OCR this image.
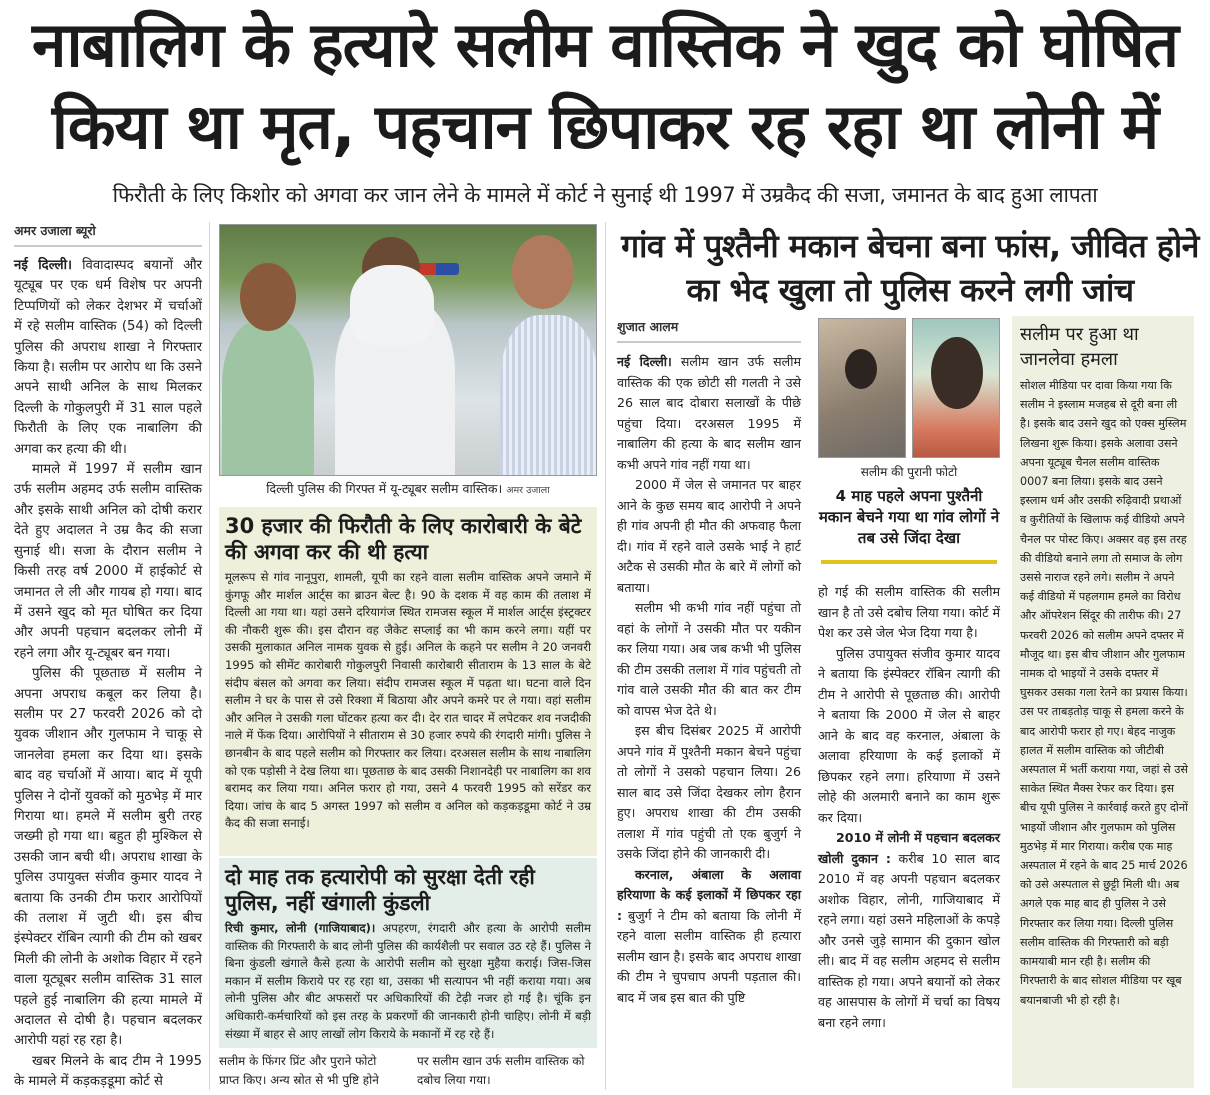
नाबालिग के हत्यारे सलीम वास्तिक ने खुद को घोषित
किया था मृत, पहचान छिपाकर रह रहा था लोनी में
फिरौती के लिए किशोर को अगवा कर जान लेने के मामले में कोर्ट ने सुनाई थी 1997 में उम्रकैद की सजा, जमानत के बाद हुआ लापता
अमर उजाला ब्यूरो

नई दिल्ली। विवादास्पद बयानों और यूट्यूब पर एक धर्म विशेष पर अपनी टिप्पणियों को लेकर देशभर में चर्चाओं में रहे सलीम वास्तिक (54) को दिल्ली पुलिस की अपराध शाखा ने गिरफ्तार किया है। सलीम पर आरोप था कि उसने अपने साथी अनिल के साथ मिलकर दिल्ली के गोकुलपुरी में 31 साल पहले फिरौती के लिए एक नाबालिग की अगवा कर हत्या की थी।

मामले में 1997 में सलीम खान उर्फ सलीम अहमद उर्फ सलीम वास्तिक और इसके साथी अनिल को दोषी करार देते हुए अदालत ने उम्र कैद की सजा सुनाई थी। सजा के दौरान सलीम ने किसी तरह वर्ष 2000 में हाईकोर्ट से जमानत ले ली और गायब हो गया। बाद में उसने खुद को मृत घोषित कर दिया और अपनी पहचान बदलकर लोनी में रहने लगा और यू-ट्यूबर बन गया।

पुलिस की पूछताछ में सलीम ने अपना अपराध कबूल कर लिया है। सलीम पर 27 फरवरी 2026 को दो युवक जीशान और गुलफाम ने चाकू से जानलेवा हमला कर दिया था। इसके बाद वह चर्चाओं में आया। बाद में यूपी पुलिस ने दोनों युवकों को मुठभेड़ में मार गिराया था। हमले में सलीम बुरी तरह जख्मी हो गया था। बहुत ही मुश्किल से उसकी जान बची थी। अपराध शाखा के पुलिस उपायुक्त संजीव कुमार यादव ने बताया कि उनकी टीम फरार आरोपियों की तलाश में जुटी थी। इस बीच इंस्पेक्टर रॉबिन त्यागी की टीम को खबर मिली की लोनी के अशोक विहार में रहने वाला यूट्यूबर सलीम वास्तिक 31 साल पहले हुई नाबालिग की हत्या मामले में अदालत से दोषी है। पहचान बदलकर आरोपी यहां रह रहा है।

खबर मिलने के बाद टीम ने 1995 के मामले में कड़कड़डूमा कोर्ट से

दिल्ली पुलिस की गिरफ्त में यू-ट्यूबर सलीम वास्तिक। अमर उजाला
30 हजार की फिरौती के लिए कारोबारी के बेटे की अगवा कर की थी हत्या
मूलरूप से गांव नानूपुरा, शामली, यूपी का रहने वाला सलीम वास्तिक अपने जमाने में कुंगफू और मार्शल आर्ट्स का ब्राउन बेल्ट है। 90 के दशक में वह काम की तलाश में दिल्ली आ गया था। यहां उसने दरियागंज स्थित रामजस स्कूल में मार्शल आर्ट्स इंस्ट्रक्टर की नौकरी शुरू की। इस दौरान वह जैकेट सप्लाई का भी काम करने लगा। यहीं पर उसकी मुलाकात अनिल नामक युवक से हुई। अनिल के कहने पर सलीम ने 20 जनवरी 1995 को सीमेंट कारोबारी गोकुलपुरी निवासी कारोबारी सीताराम के 13 साल के बेटे संदीप बंसल को अगवा कर लिया। संदीप रामजस स्कूल में पढ़ता था। घटना वाले दिन सलीम ने घर के पास से उसे रिक्शा में बिठाया और अपने कमरे पर ले गया। वहां सलीम और अनिल ने उसकी गला घोंटकर हत्या कर दी। देर रात चादर में लपेटकर शव नजदीकी नाले में फेंक दिया। आरोपियों ने सीताराम से 30 हजार रुपये की रंगदारी मांगी। पुलिस ने छानबीन के बाद पहले सलीम को गिरफ्तार कर लिया। दरअसल सलीम के साथ नाबालिग को एक पड़ोसी ने देख लिया था। पूछताछ के बाद उसकी निशानदेही पर नाबालिग का शव बरामद कर लिया गया। अनिल फरार हो गया, उसने 4 फरवरी 1995 को सरेंडर कर दिया। जांच के बाद 5 अगस्त 1997 को सलीम व अनिल को कड़कड़डूमा कोर्ट ने उम्र कैद की सजा सनाई।
दो माह तक हत्यारोपी को सुरक्षा देती रही पुलिस, नहीं खंगाली कुंडली
रिची कुमार, लोनी (गाजियाबाद)। अपहरण, रंगदारी और हत्या के आरोपी सलीम वास्तिक की गिरफ्तारी के बाद लोनी पुलिस की कार्यशैली पर सवाल उठ रहे हैं। पुलिस ने बिना कुंडली खंगाले कैसे हत्या के आरोपी सलीम को सुरक्षा मुहैया कराई। जिस-जिस मकान में सलीम किराये पर रह रहा था, उसका भी सत्यापन भी नहीं कराया गया। अब लोनी पुलिस और बीट अफसरों पर अधिकारियों की टेढ़ी नजर हो गई है। चूंकि इन अधिकारी-कर्मचारियों को इस तरह के प्रकरणों की जानकारी होनी चाहिए। लोनी में बड़ी संख्या में बाहर से आए लाखों लोग किराये के मकानों में रह रहे हैं।
सलीम के फिंगर प्रिंट और पुराने फोटो प्राप्त किए। अन्य स्रोत से भी पुष्टि होने
पर सलीम खान उर्फ सलीम वास्तिक को दबोच लिया गया।
गांव में पुश्तैनी मकान बेचना बना फांस, जीवित होने का भेद खुला तो पुलिस करने लगी जांच
शुजात आलम

नई दिल्ली। सलीम खान उर्फ सलीम वास्तिक की एक छोटी सी गलती ने उसे 26 साल बाद दोबारा सलाखों के पीछे पहुंचा दिया। दरअसल 1995 में नाबालिग की हत्या के बाद सलीम खान कभी अपने गांव नहीं गया था।

2000 में जेल से जमानत पर बाहर आने के कुछ समय बाद आरोपी ने अपने ही गांव अपनी ही मौत की अफवाह फैला दी। गांव में रहने वाले उसके भाई ने हार्ट अटैक से उसकी मौत के बारे में लोगों को बताया।

सलीम भी कभी गांव नहीं पहुंचा तो वहां के लोगों ने उसकी मौत पर यकीन कर लिया गया। अब जब कभी भी पुलिस की टीम उसकी तलाश में गांव पहुंचती तो गांव वाले उसकी मौत की बात कर टीम को वापस भेज देते थे।

इस बीच दिसंबर 2025 में आरोपी अपने गांव में पुश्तैनी मकान बेचने पहुंचा तो लोगों ने उसको पहचान लिया। 26 साल बाद उसे जिंदा देखकर लोग हैरान हुए। अपराध शाखा की टीम उसकी तलाश में गांव पहुंची तो एक बुजुर्ग ने उसके जिंदा होने की जानकारी दी।

करनाल, अंबाला के अलावा हरियाणा के कई इलाकों में छिपकर रहा : बुजुर्ग ने टीम को बताया कि लोनी में रहने वाला सलीम वास्तिक ही हत्यारा सलीम खान है। इसके बाद अपराध शाखा की टीम ने चुपचाप अपनी पड़ताल की। बाद में जब इस बात की पुष्टि

सलीम की पुरानी फोटो
4 माह पहले अपना पुश्तैनी मकान बेचने गया था गांव लोगों ने तब उसे जिंदा देखा

हो गई की सलीम वास्तिक की सलीम खान है तो उसे दबोच लिया गया। कोर्ट में पेश कर उसे जेल भेज दिया गया है।

पुलिस उपायुक्त संजीव कुमार यादव ने बताया कि इंस्पेक्टर रॉबिन त्यागी की टीम ने आरोपी से पूछताछ की। आरोपी ने बताया कि 2000 में जेल से बाहर आने के बाद वह करनाल, अंबाला के अलावा हरियाणा के कई इलाकों में छिपकर रहने लगा। हरियाणा में उसने लोहे की अलमारी बनाने का काम शुरू कर दिया।

2010 में लोनी में पहचान बदलकर खोली दुकान : करीब 10 साल बाद 2010 में वह अपनी पहचान बदलकर अशोक विहार, लोनी, गाजियाबाद में रहने लगा। यहां उसने महिलाओं के कपड़े और उनसे जुड़े सामान की दुकान खोल ली। बाद में वह सलीम अहमद से सलीम वास्तिक हो गया। अपने बयानों को लेकर वह आसपास के लोगों में चर्चा का विषय बना रहने लगा।

सलीम पर हुआ था जानलेवा हमला
सोशल मीडिया पर दावा किया गया कि सलीम ने इस्लाम मजहब से दूरी बना ली है। इसके बाद उसने खुद को एक्स मुस्लिम लिखना शुरू किया। इसके अलावा उसने अपना यूट्यूब चैनल सलीम वास्तिक 0007 बना लिया। इसके बाद उसने इस्लाम धर्म और उसकी रुढ़िवादी प्रथाओं व कुरीतियों के खिलाफ कई वीडियो अपने चैनल पर पोस्ट किए। अक्सर वह इस तरह की वीडियो बनाने लगा तो समाज के लोग उससे नाराज रहने लगे। सलीम ने अपने कई वीडियो में पहलगाम हमले का विरोध और ऑपरेशन सिंदूर की तारीफ की। 27 फरवरी 2026 को सलीम अपने दफ्तर में मौजूद था। इस बीच जीशान और गुलफाम नामक दो भाइयों ने उसके दफ्तर में घुसकर उसका गला रेतने का प्रयास किया। उस पर ताबड़तोड़ चाकू से हमला करने के बाद आरोपी फरार हो गए। बेहद नाजुक हालत में सलीम वास्तिक को जीटीबी अस्पताल में भर्ती कराया गया, जहां से उसे साकेत स्थित मैक्स रेफर कर दिया। इस बीच यूपी पुलिस ने कार्रवाई करते हुए दोनों भाइयों जीशान और गुलफाम को पुलिस मुठभेड़ में मार गिराया। करीब एक माह अस्पताल में रहने के बाद 25 मार्च 2026 को उसे अस्पताल से छुट्टी मिली थी। अब अगले एक माह बाद ही पुलिस ने उसे गिरफ्तार कर लिया गया। दिल्ली पुलिस सलीम वास्तिक की गिरफ्तारी को बड़ी कामयाबी मान रही है। सलीम की गिरफ्तारी के बाद सोशल मीडिया पर खूब बयानबाजी भी हो रही है।
